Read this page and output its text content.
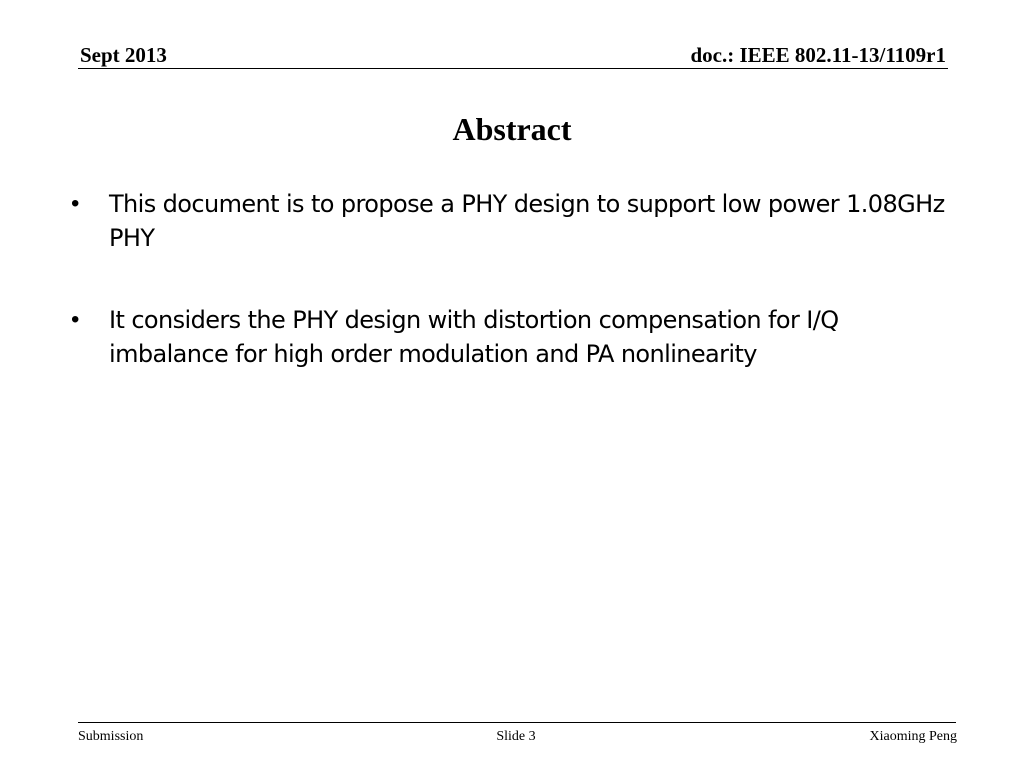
Sept 2013	doc.: IEEE 802.11-13/1109r1
Abstract
• This document is to propose a PHY design to support low power 1.08GHz PHY
• It considers the PHY design with distortion compensation for I/Q imbalance for high order modulation and PA nonlinearity
Submission	Slide 3	Xiaoming Peng
